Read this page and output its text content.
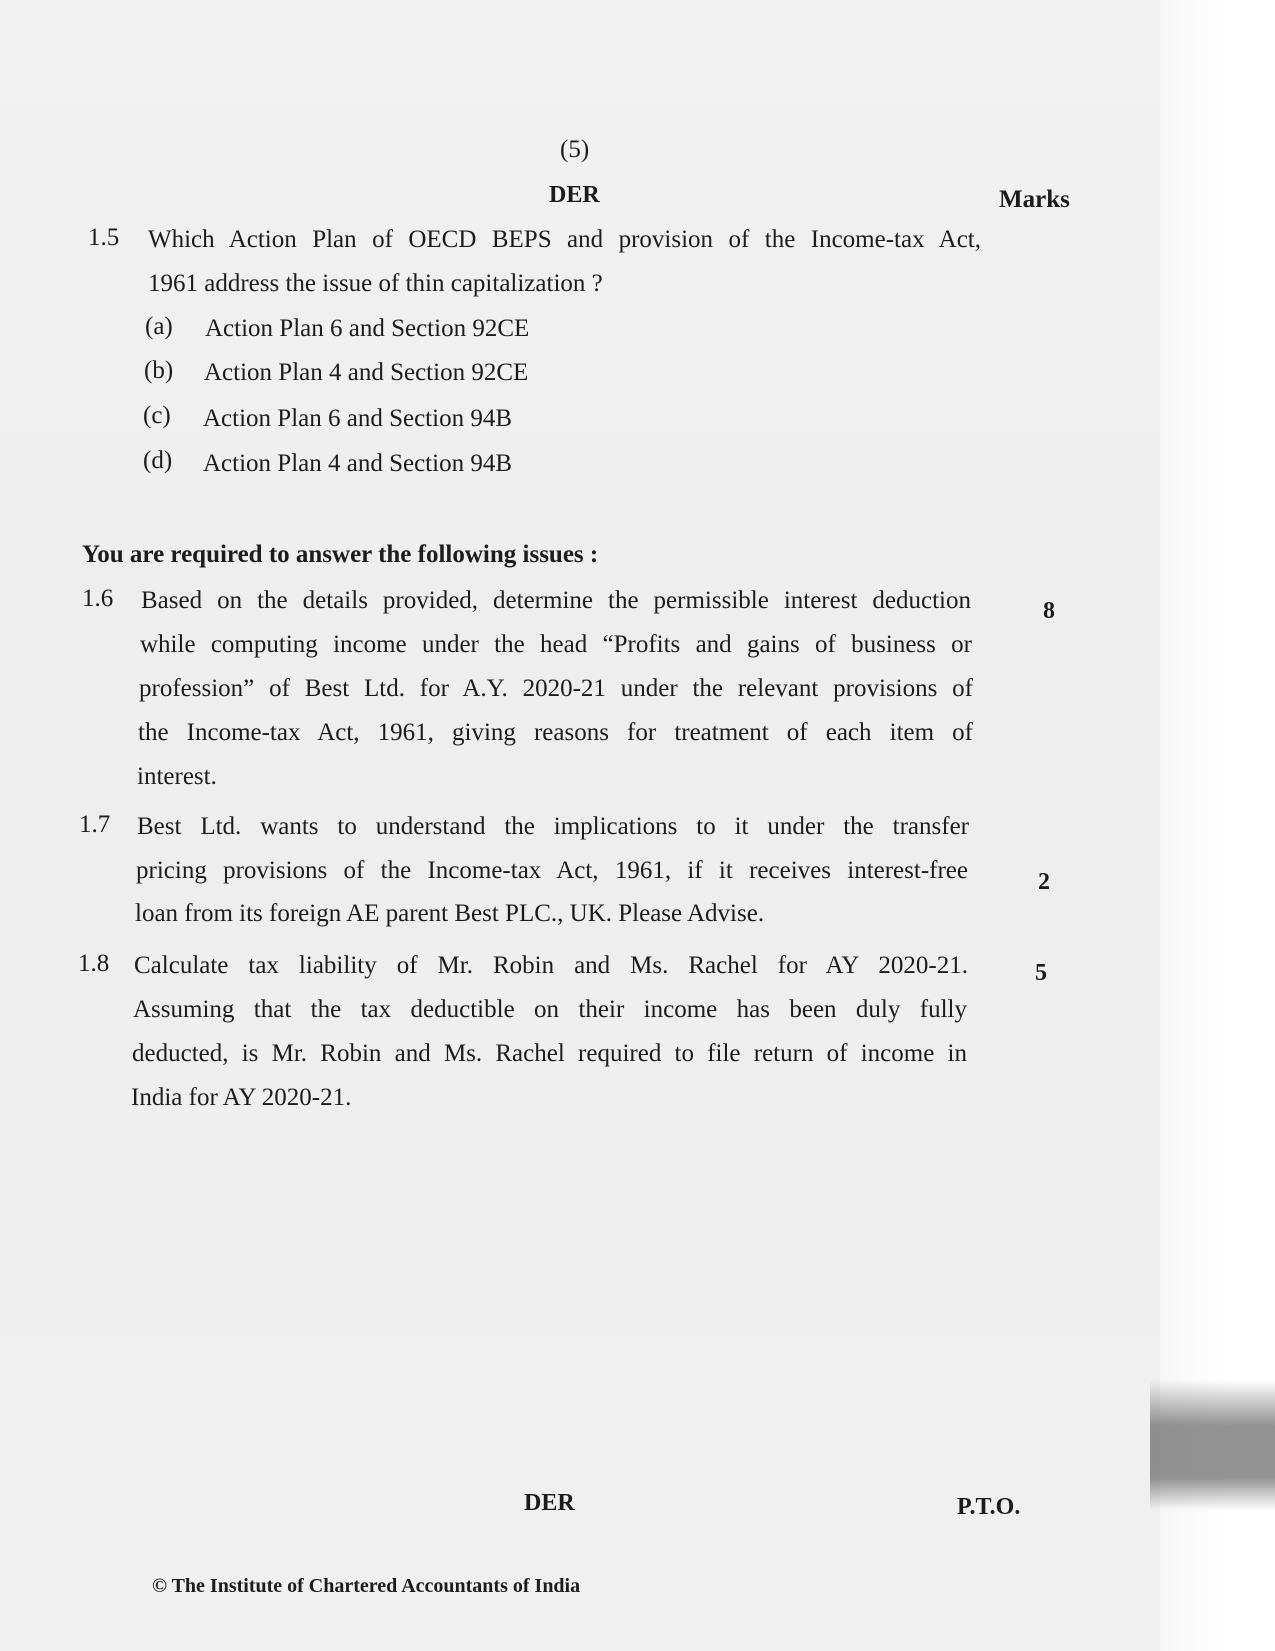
(5)
DER	Marks
1.5 Which Action Plan of OECD BEPS and provision of the Income-tax Act,
1961 address the issue of thin capitalization ?
(a) Action Plan 6 and Section 92CE
(b) Action Plan 4 and Section 92CE
(c) Action Plan 6 and Section 94B
(d) Action Plan 4 and Section 94B
You are required to answer the following issues :
1.6 Based on the details provided, determine the permissible interest deduction
while computing income under the head “Profits and gains of business or
profession” of Best Ltd. for A.Y. 2020-21 under the relevant provisions of
the Income-tax Act, 1961, giving reasons for treatment of each item of
interest.
8
1.7 Best Ltd. wants to understand the implications to it under the transfer
pricing provisions of the Income-tax Act, 1961, if it receives interest-free
loan from its foreign AE parent Best PLC., UK. Please Advise.
2
1.8 Calculate tax liability of Mr. Robin and Ms. Rachel for AY 2020-21.
Assuming that the tax deductible on their income has been duly fully
deducted, is Mr. Robin and Ms. Rachel required to file return of income in
India for AY 2020-21.
5
DER	P.T.O.
© The Institute of Chartered Accountants of India
